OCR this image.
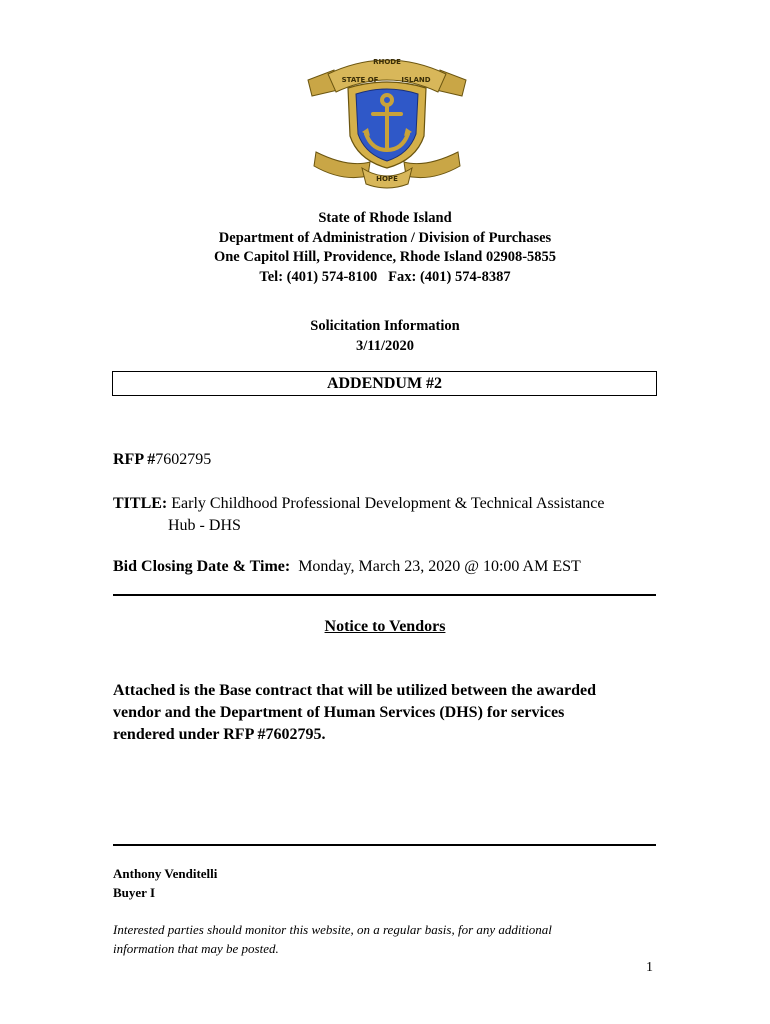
RHODE
STATE OF	ISLAND
HOPE
State of Rhode Island
Department of Administration / Division of Purchases
One Capitol Hill, Providence, Rhode Island 02908-5855
Tel: (401) 574-8100   Fax: (401) 574-8387
Solicitation Information
3/11/2020
ADDENDUM #2
RFP #7602795
TITLE: Early Childhood Professional Development & Technical Assistance
Hub - DHS
Bid Closing Date & Time: Monday, March 23, 2020 @ 10:00 AM EST
Notice to Vendors
Attached is the Base contract that will be utilized between the awarded
vendor and the Department of Human Services (DHS) for services
rendered under RFP #7602795.
Anthony Venditelli
Buyer I
Interested parties should monitor this website, on a regular basis, for any additional
information that may be posted.
1
